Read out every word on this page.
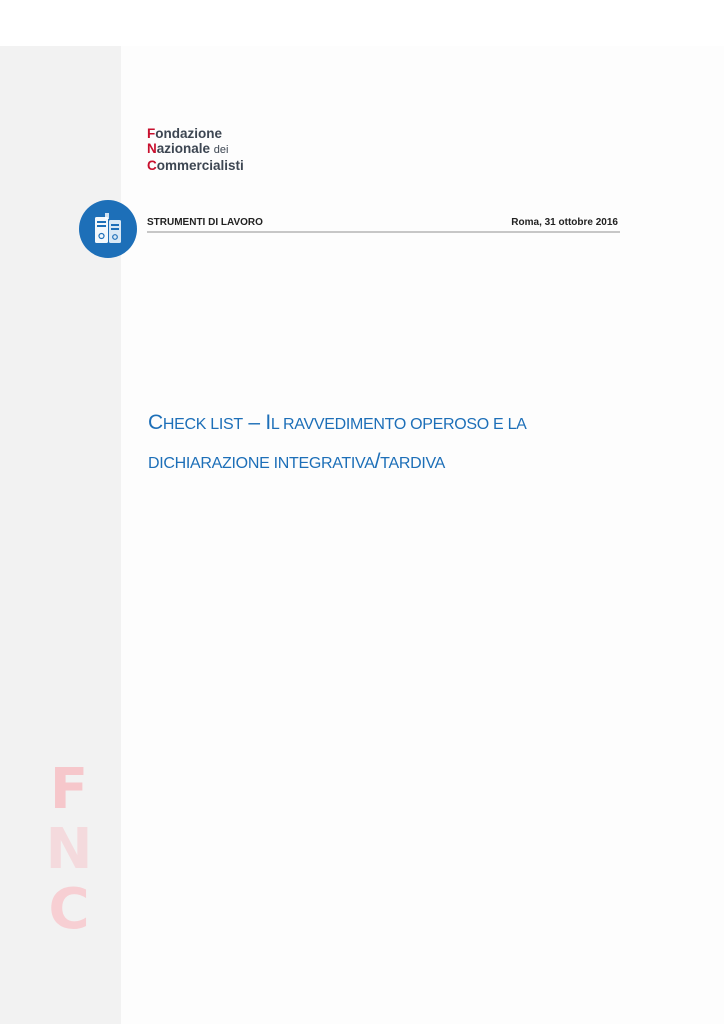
Fondazione
Nazionale dei
Commercialisti
STRUMENTI DI LAVORO	Roma, 31 ottobre 2016
CHECK LIST – IL RAVVEDIMENTO OPEROSO E LA
DICHIARAZIONE INTEGRATIVA/TARDIVA
F
N
C
